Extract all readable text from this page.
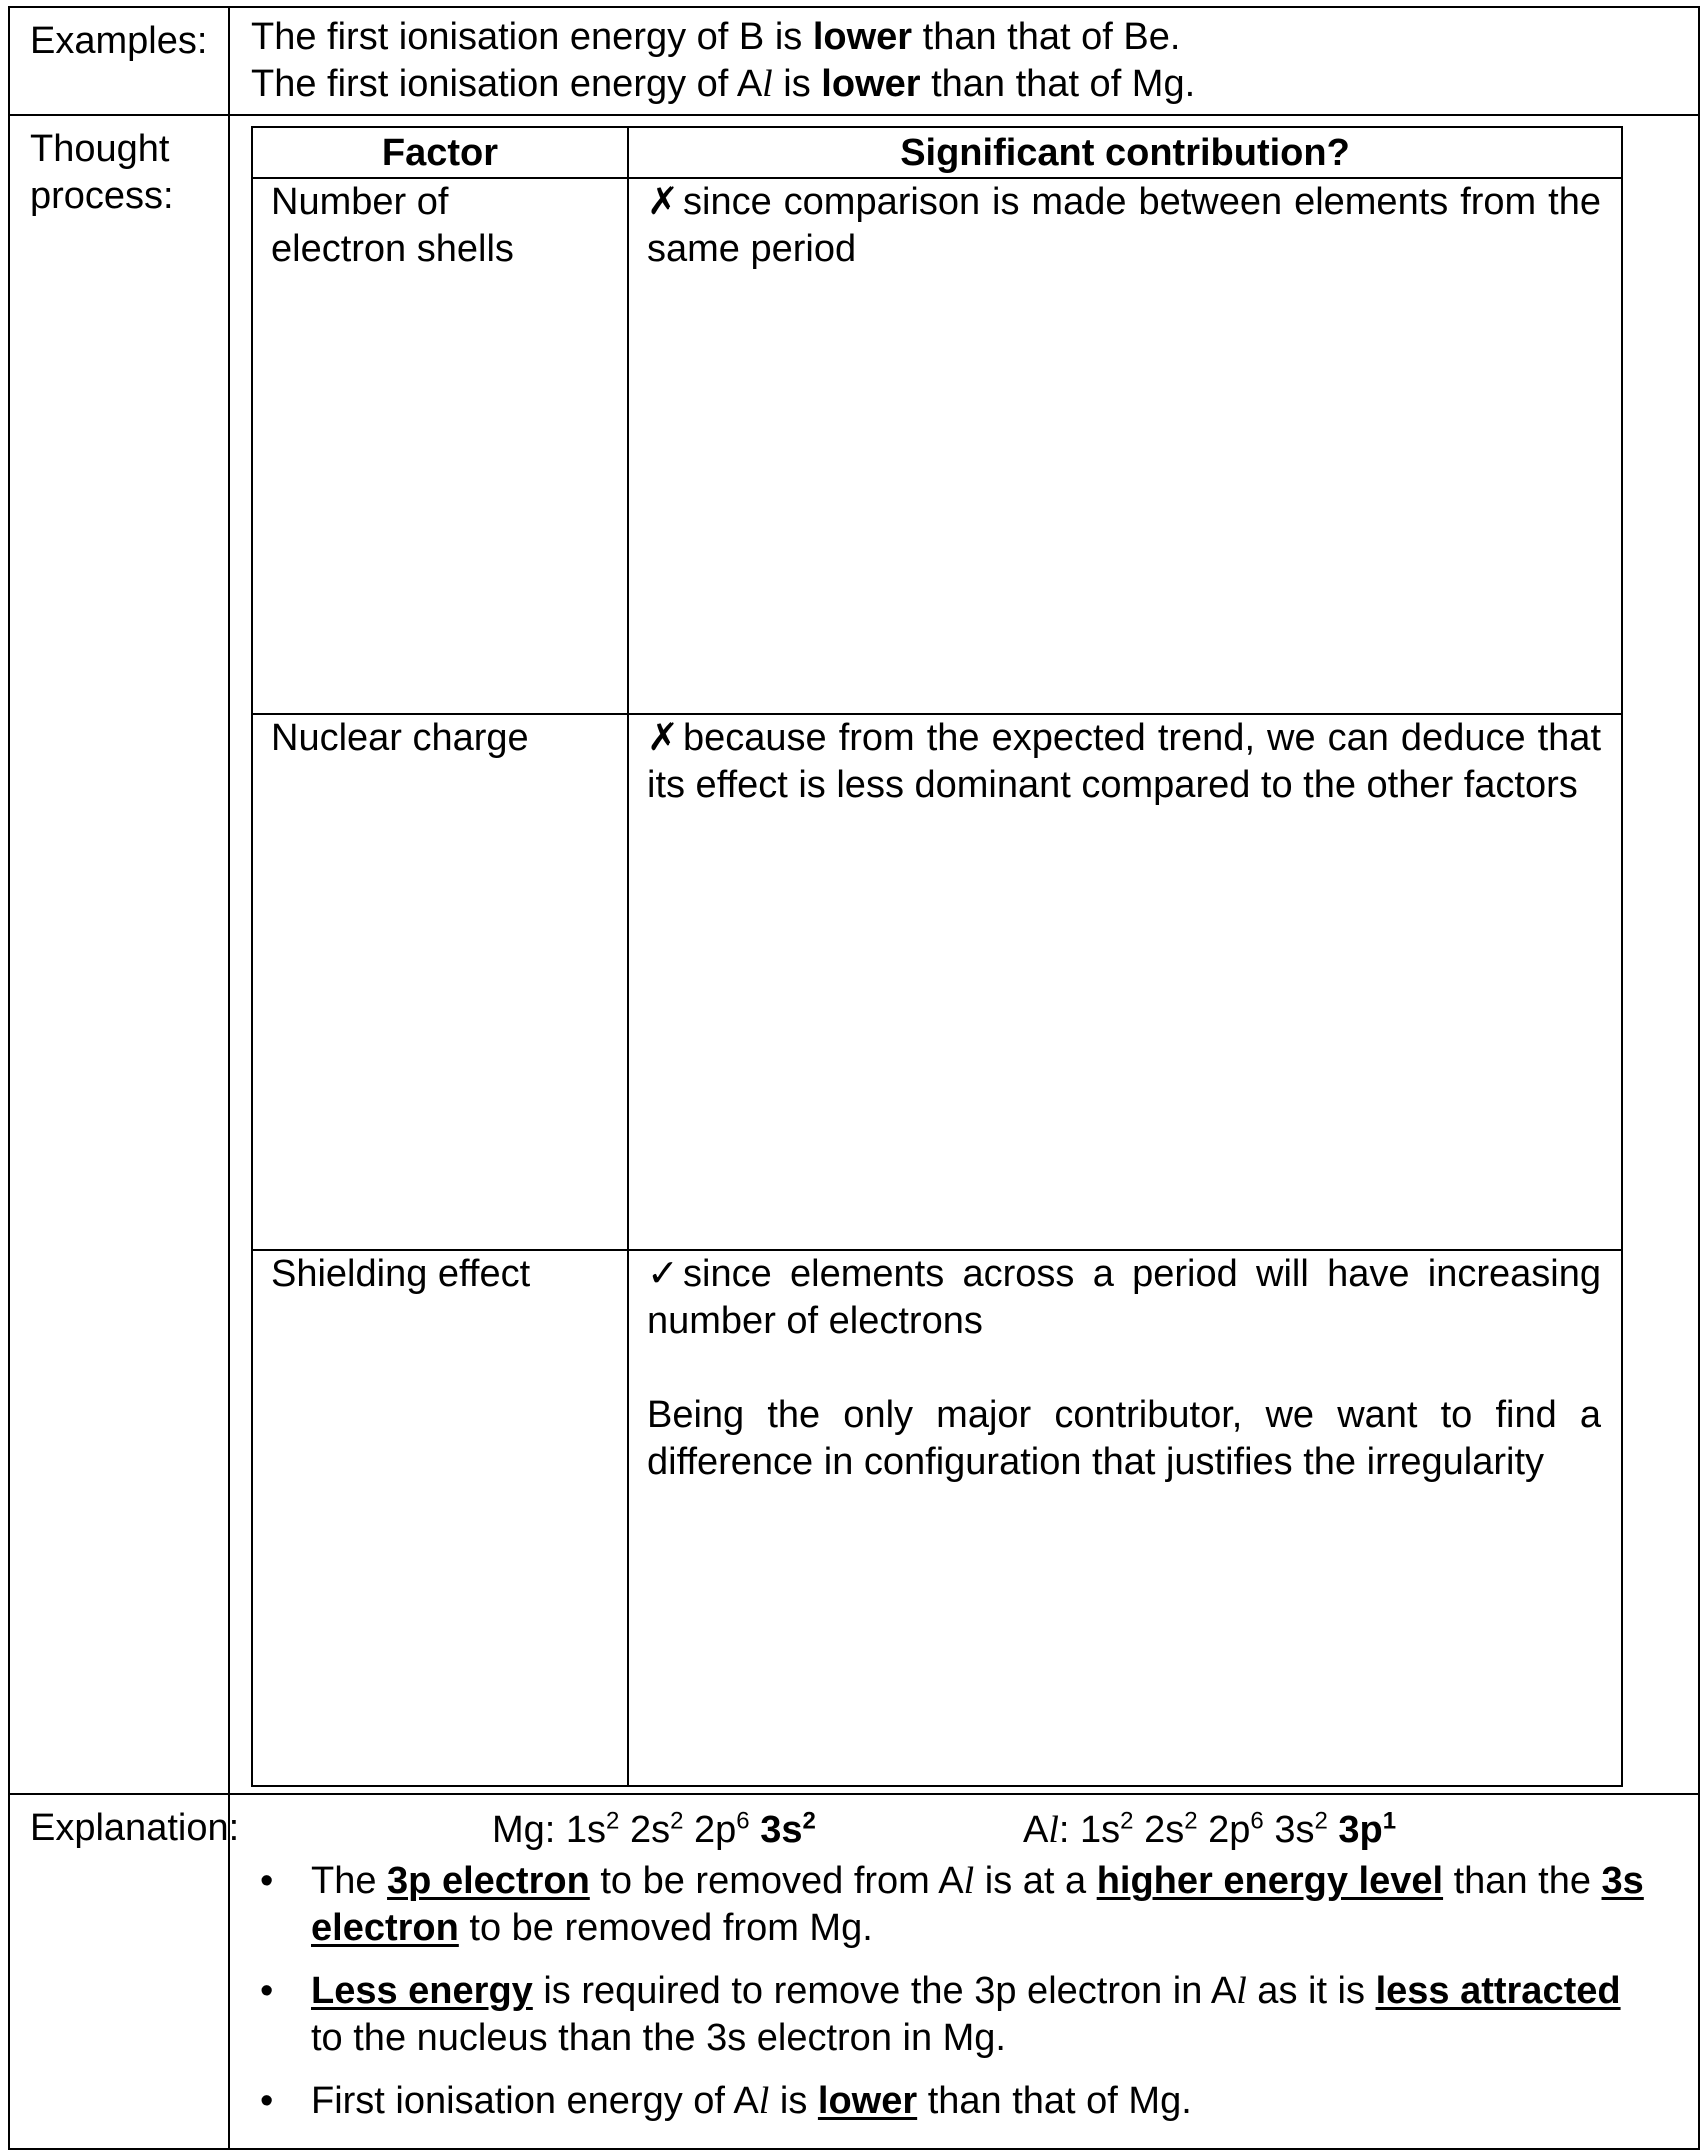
Examples:	The first ionisation energy of B is lower than that of Be.
The first ionisation energy of Al is lower than that of Mg.

Thought
process:

Factor	Significant contribution?

Number of
electron shells
	✗ since comparison is made between elements from the same period
Nuclear charge	✗ because from the expected trend, we can deduce that its effect is less dominant compared to the other factors
Shielding effect	✓ since elements across a period will have increasing number of electrons
Being the only major contributor, we want to find a difference in configuration that justifies the irregularity

Explanation:	Mg: $1s^2$ $2s^2$ $2p^6$ $3s^2$	Al: $1s^2$ $2s^2$ $2p^6$ $3s^2$ $3p^1$
• The 3p electron to be removed from Al is at a higher energy level than the 3s electron to be removed from Mg.
• Less energy is required to remove the 3p electron in Al as it is less attracted to the nucleus than the 3s electron in Mg.
• First ionisation energy of Al is lower than that of Mg.
